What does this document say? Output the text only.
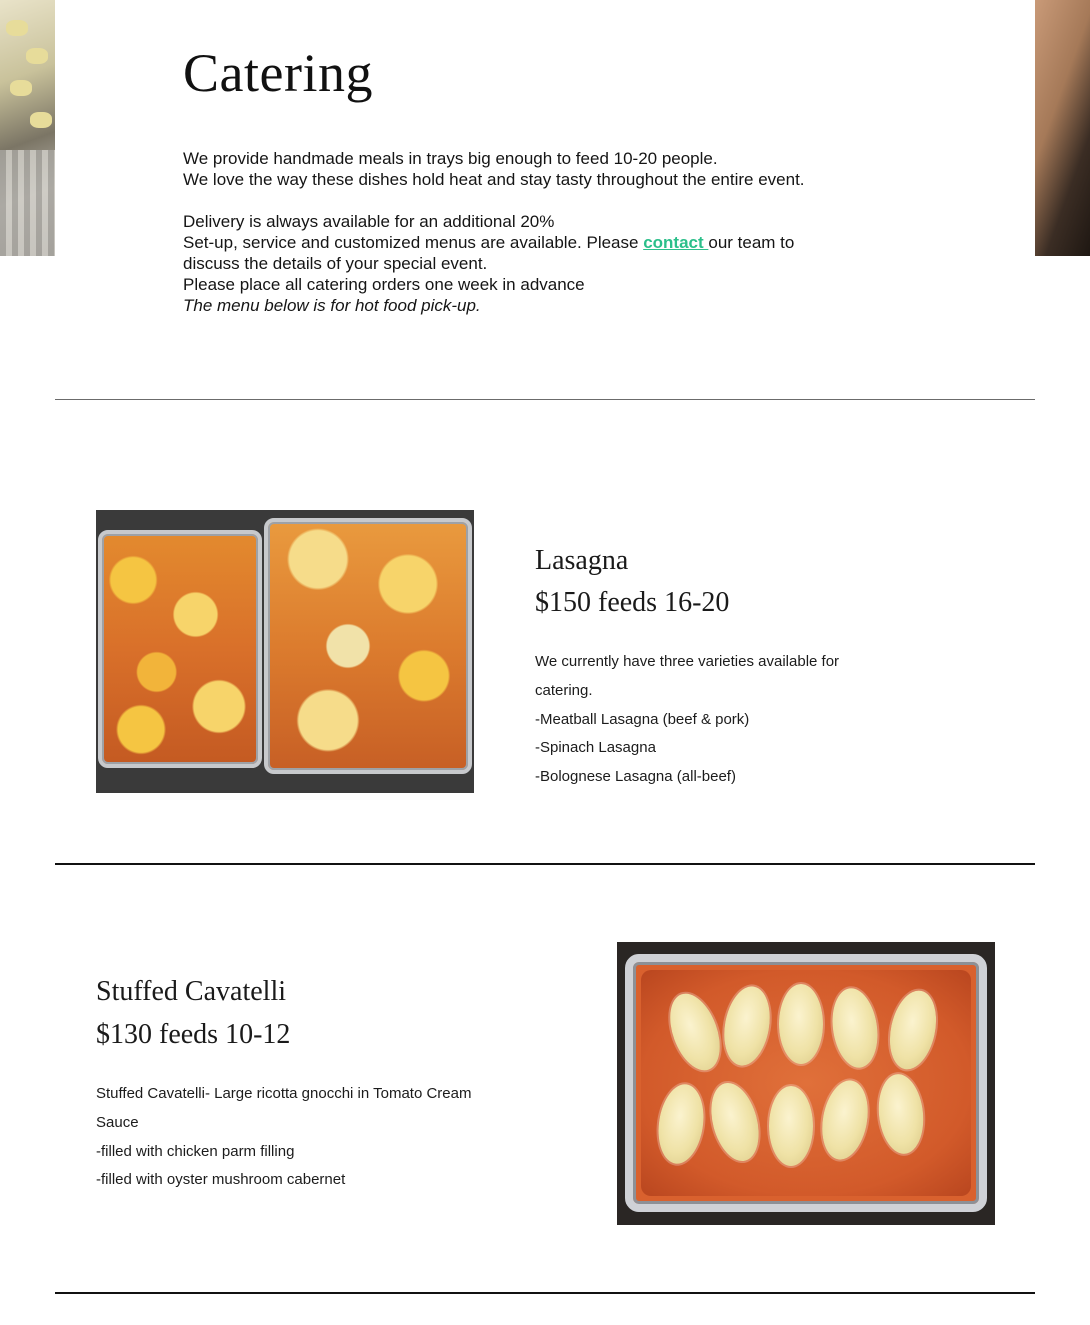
Catering

We provide handmade meals in trays big enough to feed 10-20 people.

We love the way these dishes hold heat and stay tasty throughout the entire event.

Delivery is always available for an additional 20%

Set-up, service and customized menus are available. Please contact our team to discuss the details of your special event.

Please place all catering orders one week in advance

The menu below is for hot food pick-up.

Lasagna
$150 feeds 16-20

We currently have three varieties available for catering.

-Meatball Lasagna (beef & pork)

-Spinach Lasagna

-Bolognese Lasagna (all-beef)

Stuffed Cavatelli
$130 feeds 10-12

Stuffed Cavatelli- Large ricotta gnocchi in Tomato Cream Sauce

-filled with chicken parm filling

-filled with oyster mushroom cabernet
